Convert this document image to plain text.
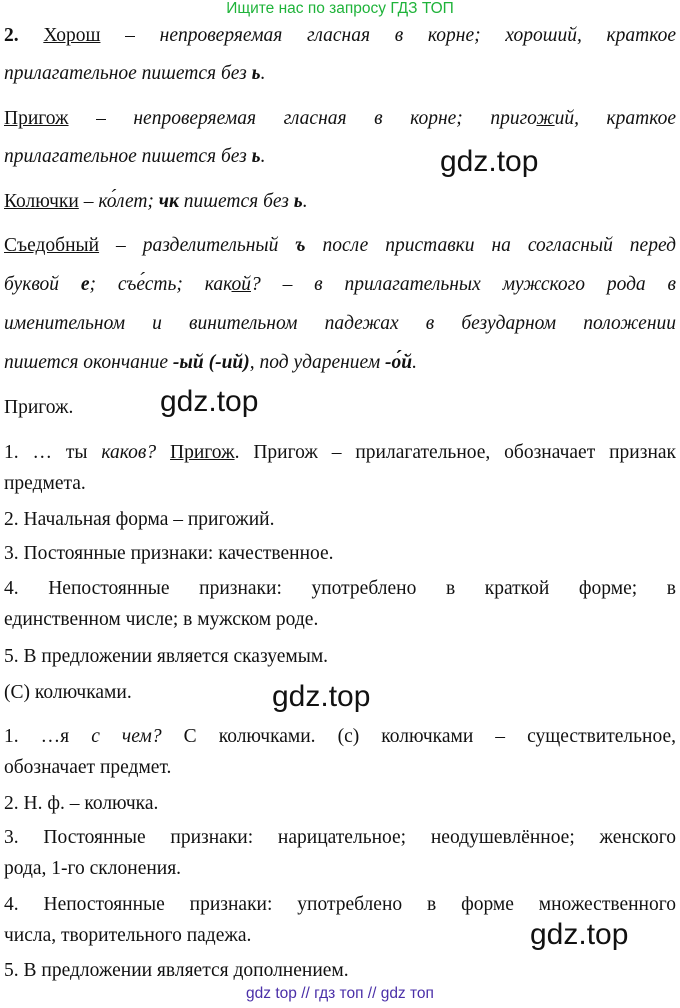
Ищите нас по запросу ГДЗ ТОП
2. Хорош – непроверяемая гласная в корне; хороший, краткое
прилагательное пишется без ь.
Пригож – непроверяемая гласная в корне; пригожий, краткое
прилагательное пишется без ь.
Колючки – ко́лет; чк пишется без ь.
Съедобный – разделительный ъ после приставки на согласный перед
буквой е; съе́сть; какой? – в прилагательных мужского рода в
именительном и винительном падежах в безударном положении
пишется окончание -ый (-ий), под ударением -о́й.
Пригож.
1. … ты каков? Пригож. Пригож – прилагательное, обозначает признак
предмета.
2. Начальная форма – пригожий.
3. Постоянные признаки: качественное.
4. Непостоянные признаки: употреблено в краткой форме; в
единственном числе; в мужском роде.
5. В предложении является сказуемым.
(С) колючками.
1. …я с чем? С колючками. (с) колючками – существительное,
обозначает предмет.
2. Н. ф. – колючка.
3. Постоянные признаки: нарицательное; неодушевлённое; женского
рода, 1-го склонения.
4. Непостоянные признаки: употреблено в форме множественного
числа, творительного падежа.
5. В предложении является дополнением.
gdz.top
gdz.top
gdz.top
gdz.top
gdz top // гдз топ // gdz топ
